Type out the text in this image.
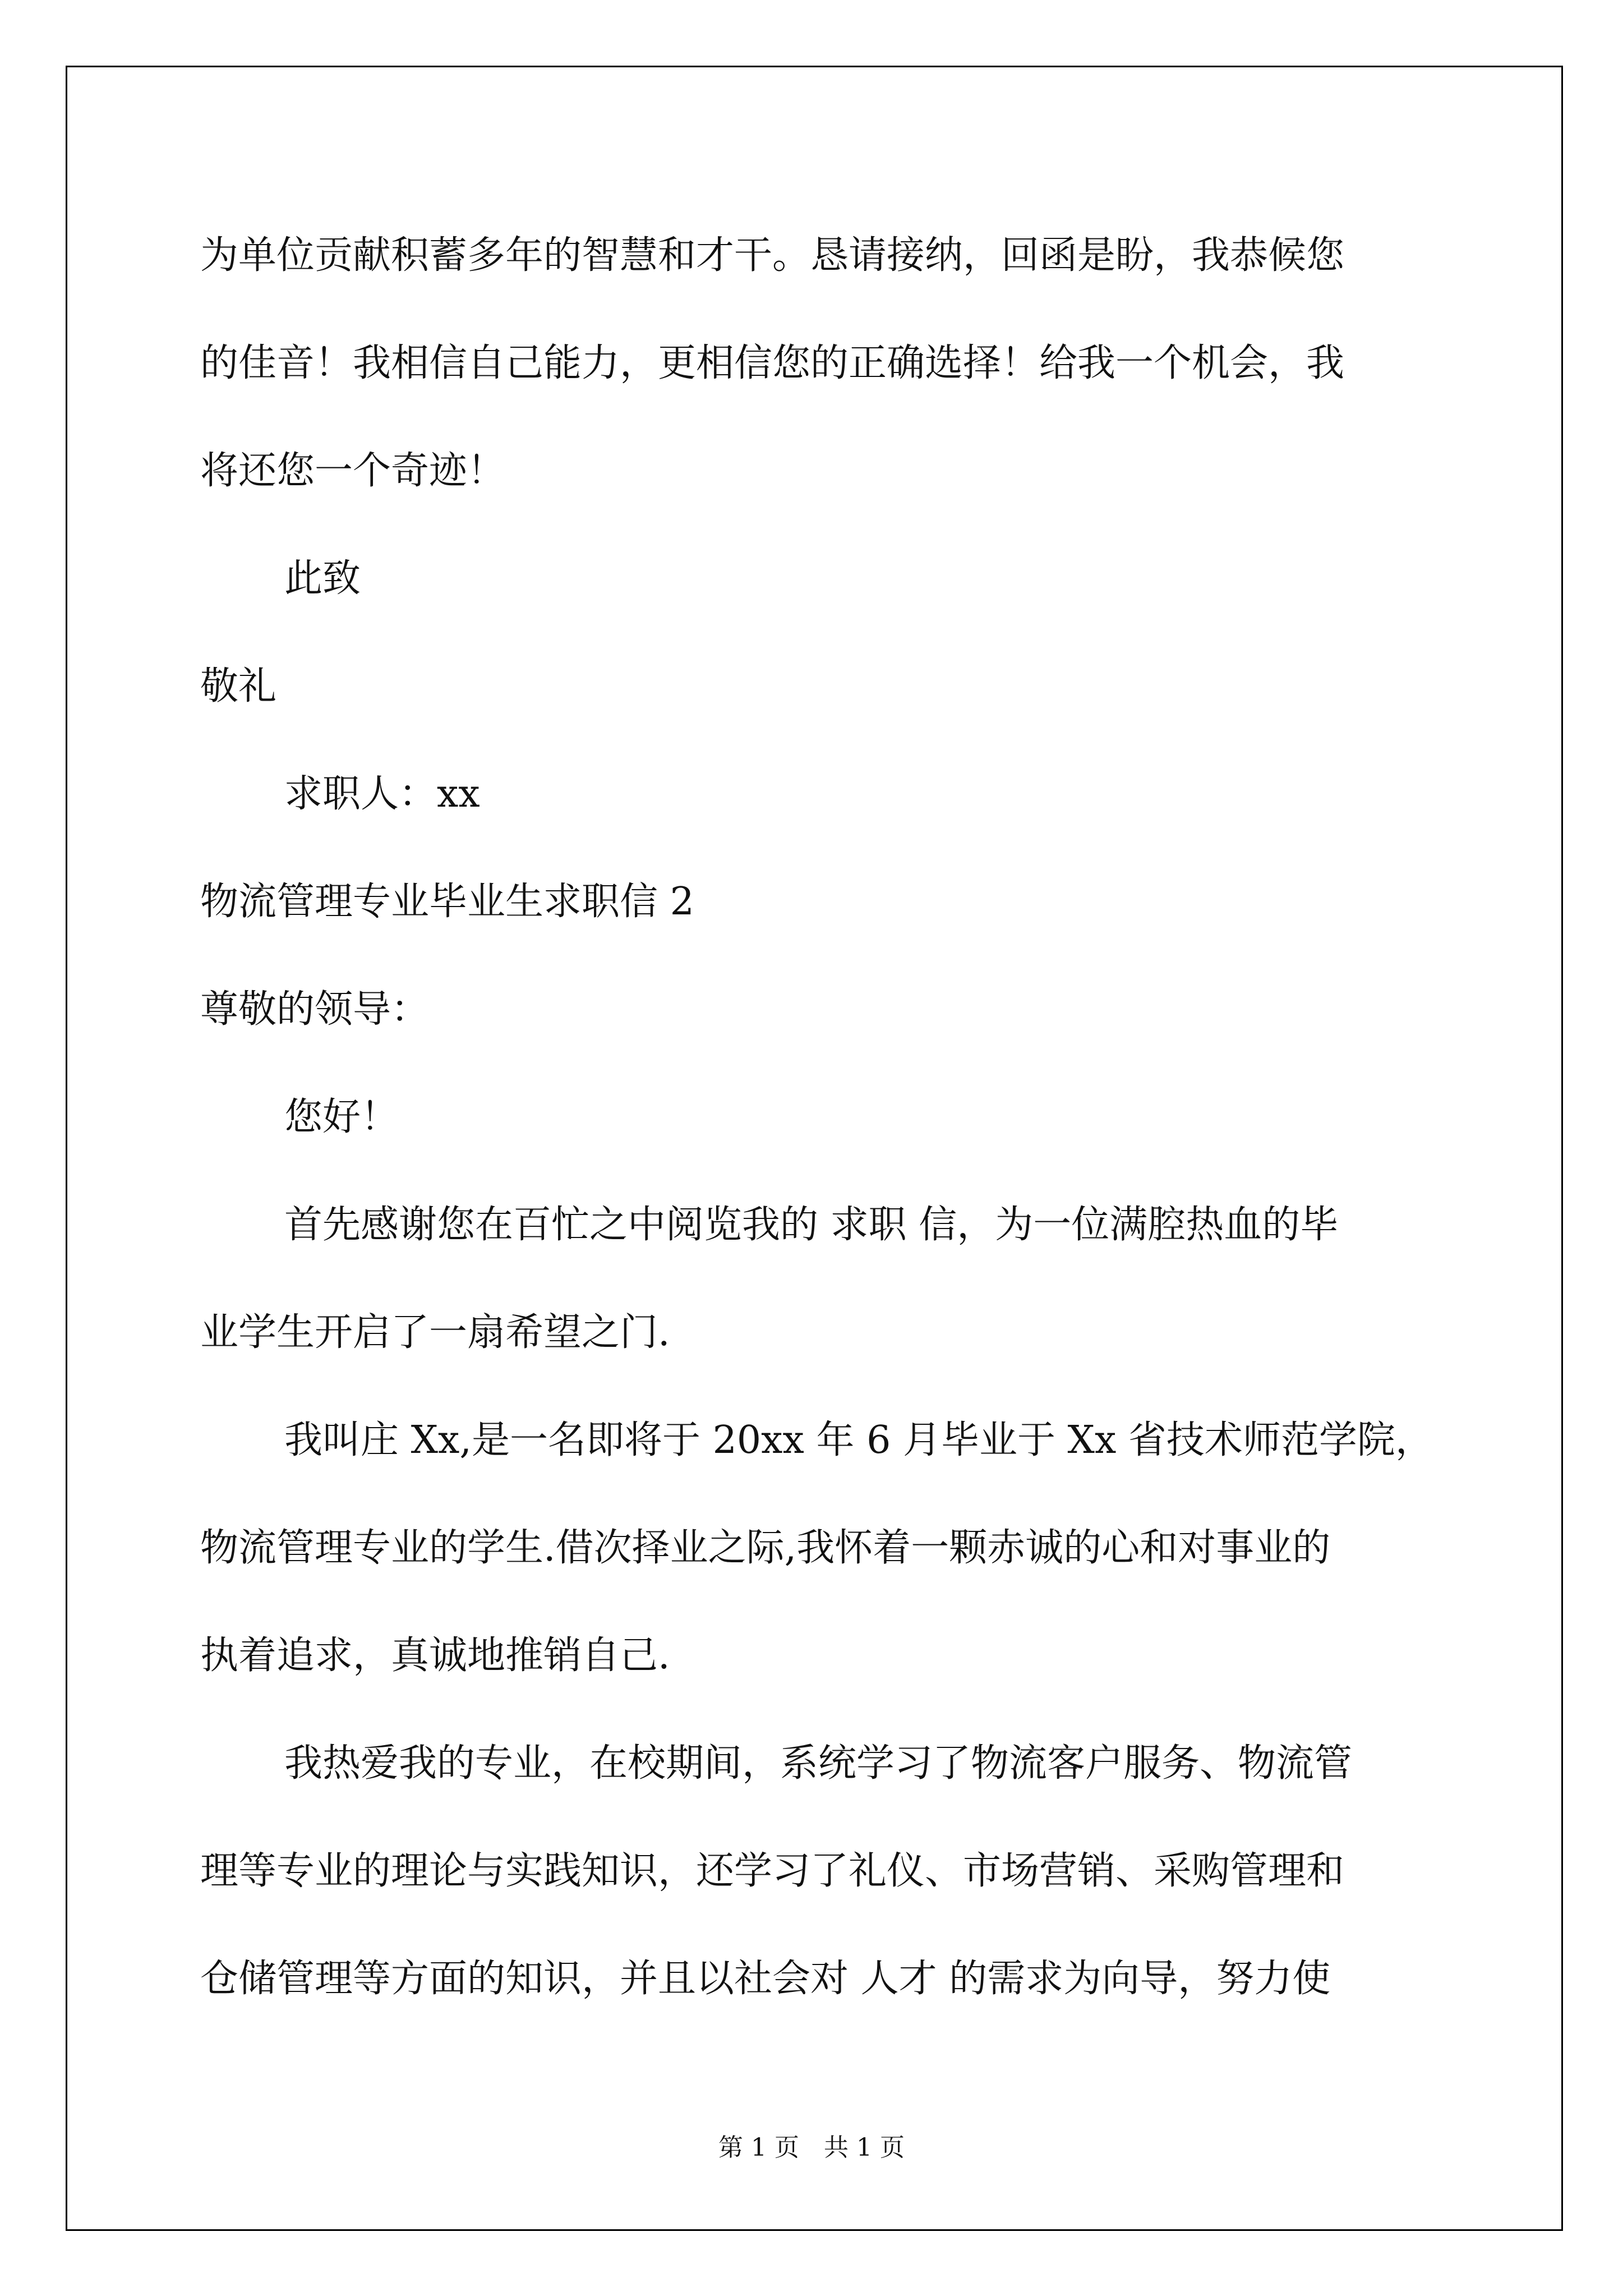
为单位贡献积蓄多年的智慧和才干。恳请接纳，回函是盼，我恭候您
的佳音！我相信自己能力，更相信您的正确选择！给我一个机会，我
将还您一个奇迹！
此致
敬礼
求职人：xx
物流管理专业毕业生求职信 2
尊敬的领导：
您好！
首先感谢您在百忙之中阅览我的 求职 信，为一位满腔热血的毕
业学生开启了一扇希望之门.
我叫庄 Xx,是一名即将于 20xx 年 6 月毕业于 Xx 省技术师范学院，
物流管理专业的学生.借次择业之际,我怀着一颗赤诚的心和对事业的
执着追求，真诚地推销自己.
我热爱我的专业，在校期间，系统学习了物流客户服务、物流管
理等专业的理论与实践知识，还学习了礼仪、市场营销、采购管理和
仓储管理等方面的知识，并且以社会对 人才 的需求为向导，努力使
第 1 页　共 1 页
